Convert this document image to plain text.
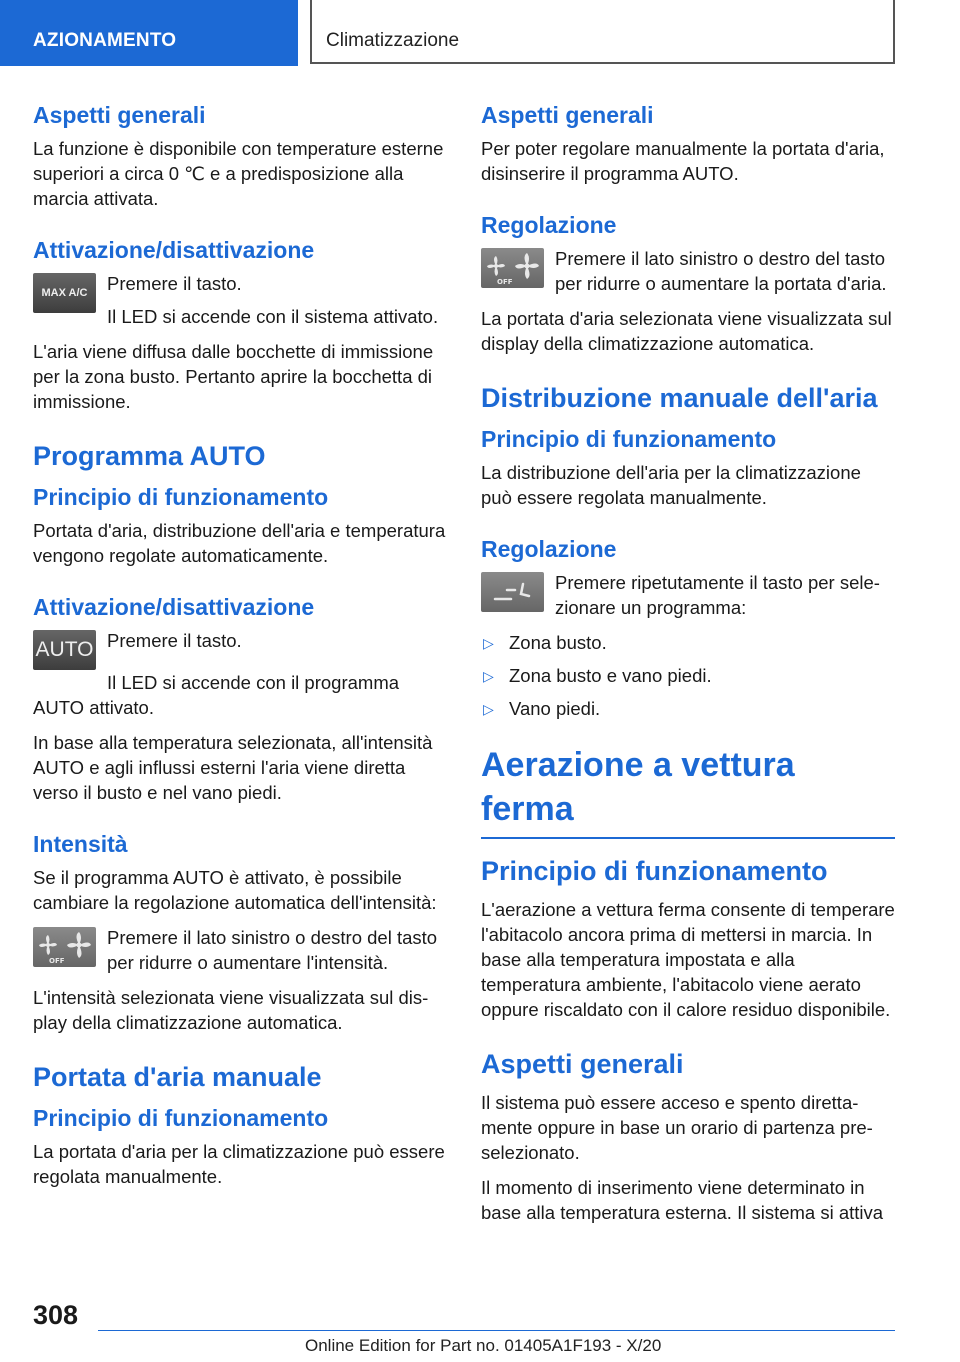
AZIONAMENTO	Climatizzazione
Aspetti generali

La funzione è disponibile con temperature esterne superiori a circa 0 ℃ e a predisposizione alla marcia attivata.

Attivazione/disattivazione
MAX A/C	Premere il tasto.

Il LED si accende con il sistema attivato.

L'aria viene diffusa dalle bocchette di immissione per la zona busto. Pertanto aprire la bocchetta di immissione.

Programma AUTO
Principio di funzionamento

Portata d'aria, distribuzione dell'aria e temperatura vengono regolate automaticamente.

Attivazione/disattivazione
AUTO Premere il tasto.

Il LED si accende con il programma AUTO attivato.

In base alla temperatura selezionata, all'intensità AUTO e agli influssi esterni l'aria viene diretta verso il busto e nel vano piedi.

Intensità

Se il programma AUTO è attivato, è possibile cambiare la regolazione automatica dell'intensità:

OFF

Premere il lato sinistro o destro del tasto per ridurre o aumentare l'intensità.

L'intensità selezionata viene visualizzata sul display della climatizzazione automatica.

Portata d'aria manuale
Principio di funzionamento

La portata d'aria per la climatizzazione può essere regolata manualmente.

Aspetti generali

Per poter regolare manualmente la portata d'aria, disinserire il programma AUTO.

Regolazione
OFF

Premere il lato sinistro o destro del tasto per ridurre o aumentare la portata d'aria.

La portata d'aria selezionata viene visualizzata sul display della climatizzazione automatica.

Distribuzione manuale dell'aria
Principio di funzionamento

La distribuzione dell'aria per la climatizzazione può essere regolata manualmente.

Regolazione

Premere ripetutamente il tasto per selezionare un programma:

▷ Zona busto.
▷ Zona busto e vano piedi.
▷ Vano piedi.
Aerazione a vettura ferma
Principio di funzionamento

L'aerazione a vettura ferma consente di temperare l'abitacolo ancora prima di mettersi in marcia. In base alla temperatura impostata e alla temperatura ambiente, l'abitacolo viene aerato oppure riscaldato con il calore residuo disponibile.

Aspetti generali

Il sistema può essere acceso e spento direttamente oppure in base un orario di partenza preselezionato.

Il momento di inserimento viene determinato in base alla temperatura esterna. Il sistema si attiva

308
Online Edition for Part no. 01405A1F193 - X/20
